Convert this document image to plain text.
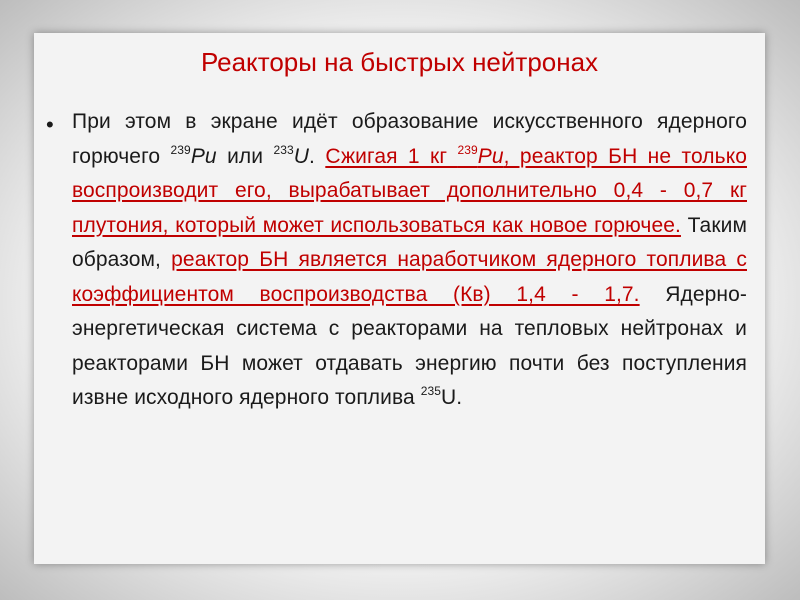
Реакторы на быстрых нейтронах
• При этом в экране идёт образование искусственного ядерного горючего $^{239}$Pu или $^{233}$U. Сжигая 1 кг $^{239}$Pu, реактор БН не только воспроизводит его, вырабатывает дополнительно 0,4 - 0,7 кг плутония, который может использоваться как новое горючее. Таким образом, реактор БН является наработчиком ядерного топлива с коэффициентом воспроизводства (Кв) 1,4 - 1,7. Ядерно-энергетическая система с реакторами на тепловых нейтронах и реакторами БН может отдавать энергию почти без поступления извне исходного ядерного топлива $^{235}$U.
